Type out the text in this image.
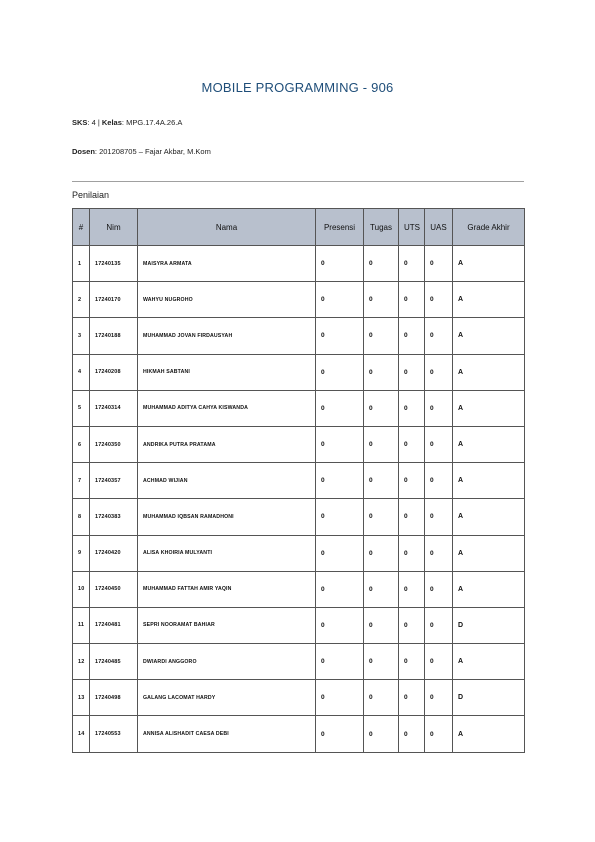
MOBILE PROGRAMMING - 906
SKS: 4 | Kelas: MPG.17.4A.26.A
Dosen: 201208705 – Fajar Akbar, M.Kom
Penilaian
#	Nim	Nama	Presensi	Tugas	UTS	UAS	Grade Akhir
1	17240135	MAISYRA ARMATA	0	0	0	0	A
2	17240170	WAHYU NUGROHO	0	0	0	0	A
3	17240188	MUHAMMAD JOVAN FIRDAUSYAH	0	0	0	0	A
4	17240208	HIKMAH SABTANI	0	0	0	0	A
5	17240314	MUHAMMAD ADITYA CAHYA KISWANDA	0	0	0	0	A
6	17240350	ANDRIKA PUTRA PRATAMA	0	0	0	0	A
7	17240357	ACHMAD WIJIAN	0	0	0	0	A
8	17240383	MUHAMMAD IQBSAN RAMADHONI	0	0	0	0	A
9	17240420	ALISA KHOIRIA MULYANTI	0	0	0	0	A
10	17240450	MUHAMMAD FATTAH AMIR YAQIN	0	0	0	0	A
11	17240481	SEPRI NOORAMAT BAHIAR	0	0	0	0	D
12	17240485	DWIARDI ANGGORO	0	0	0	0	A
13	17240498	GALANG LACOMAT HARDY	0	0	0	0	D
14	17240553	ANNISA ALISHADIT CAESA DEBI	0	0	0	0	A
